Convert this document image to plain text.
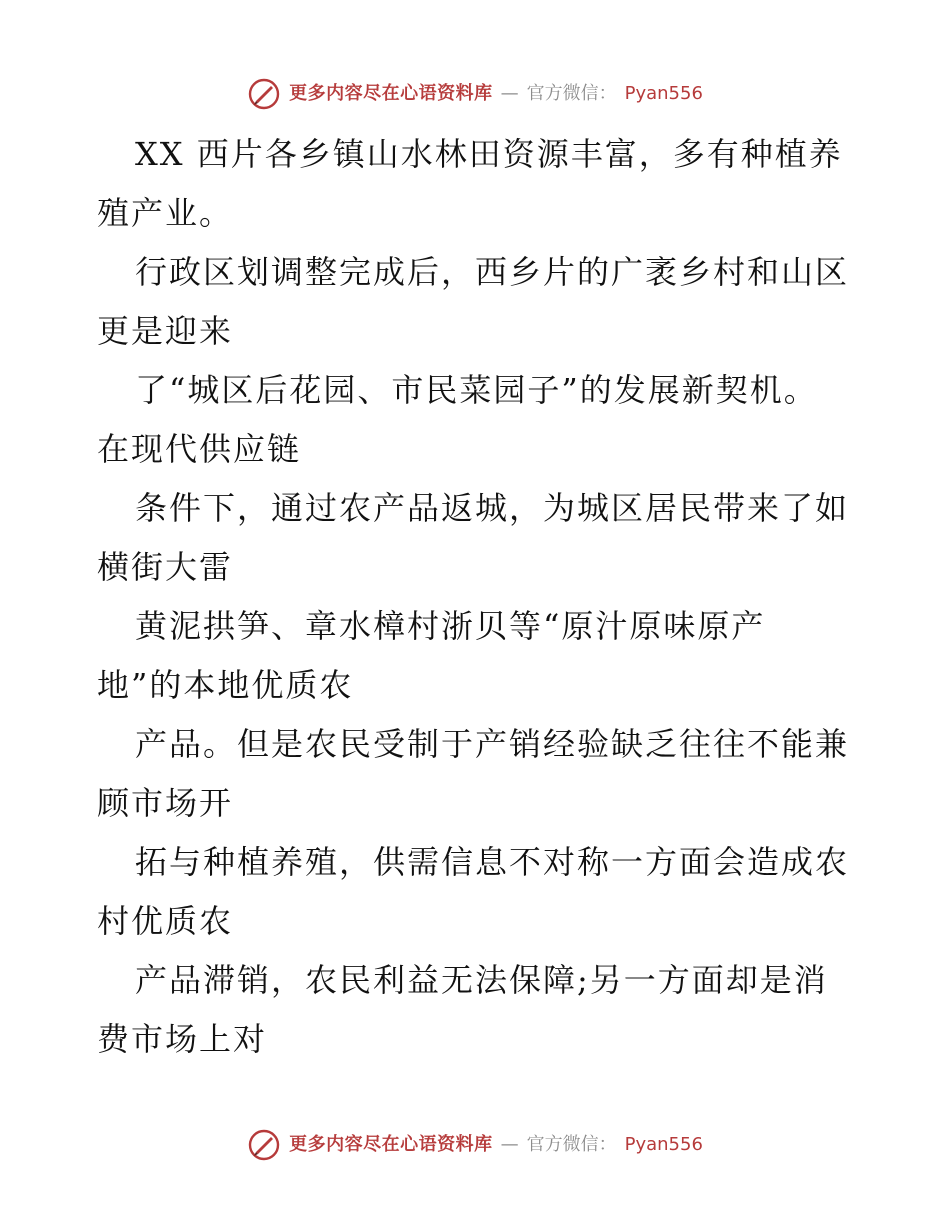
更多内容尽在心语资料库 — 官方微信： Pyan556
XX 西片各乡镇山水林田资源丰富，多有种植养
殖产业。
行政区划调整完成后，西乡片的广袤乡村和山区
更是迎来
了“城区后花园、市民菜园子”的发展新契机。
在现代供应链
条件下，通过农产品返城，为城区居民带来了如
横街大雷
黄泥拱笋、章水樟村浙贝等“原汁原味原产
地”的本地优质农
产品。但是农民受制于产销经验缺乏往往不能兼
顾市场开
拓与种植养殖，供需信息不对称一方面会造成农
村优质农
产品滞销，农民利益无法保障;另一方面却是消
费市场上对
更多内容尽在心语资料库 — 官方微信： Pyan556
